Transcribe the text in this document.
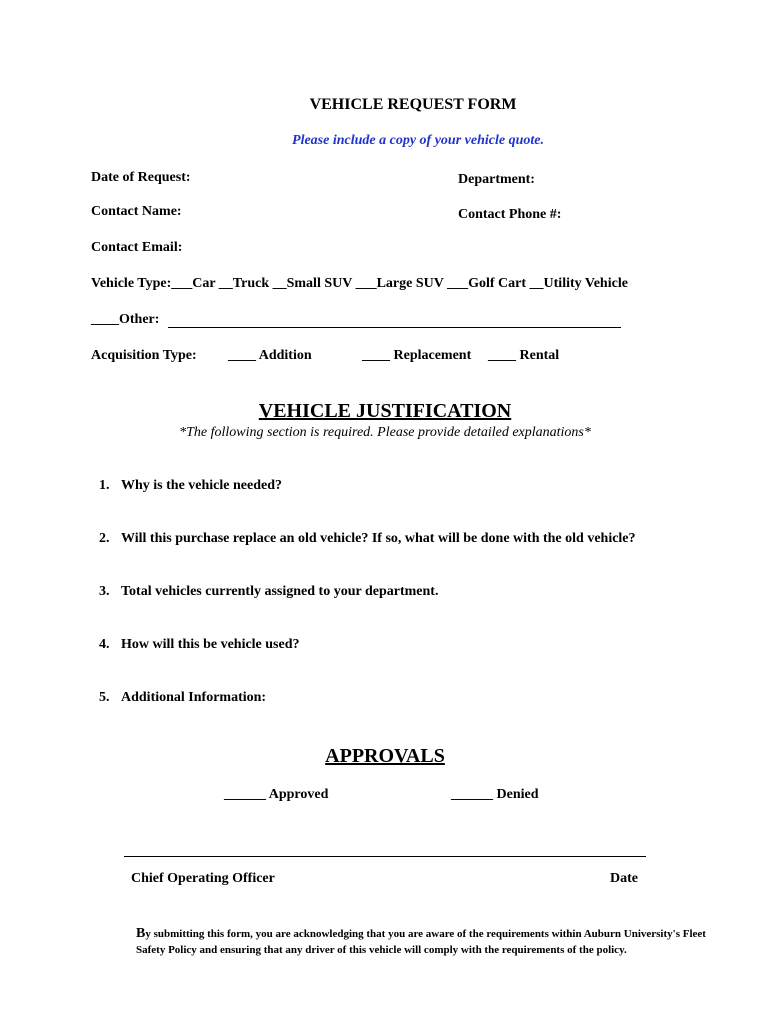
VEHICLE REQUEST FORM
Please include a copy of your vehicle quote.
Date of Request:	Department:
Contact Name:	Contact Phone #:
Contact Email:
Vehicle Type:___Car __Truck __Small SUV ___Large SUV ___Golf Cart __Utility Vehicle
____Other:
Acquisition Type: ____ Addition	____ Replacement ____ Rental
VEHICLE JUSTIFICATION
*The following section is required. Please provide detailed explanations*
1. Why is the vehicle needed?
2. Will this purchase replace an old vehicle? If so, what will be done with the old vehicle?
3. Total vehicles currently assigned to your department.
4. How will this be vehicle used?
5. Additional Information:
APPROVALS
______ Approved	______ Denied
Chief Operating Officer	Date
By submitting this form, you are acknowledging that you are aware of the requirements within Auburn University's Fleet Safety Policy and ensuring that any driver of this vehicle will comply with the requirements of the policy.
